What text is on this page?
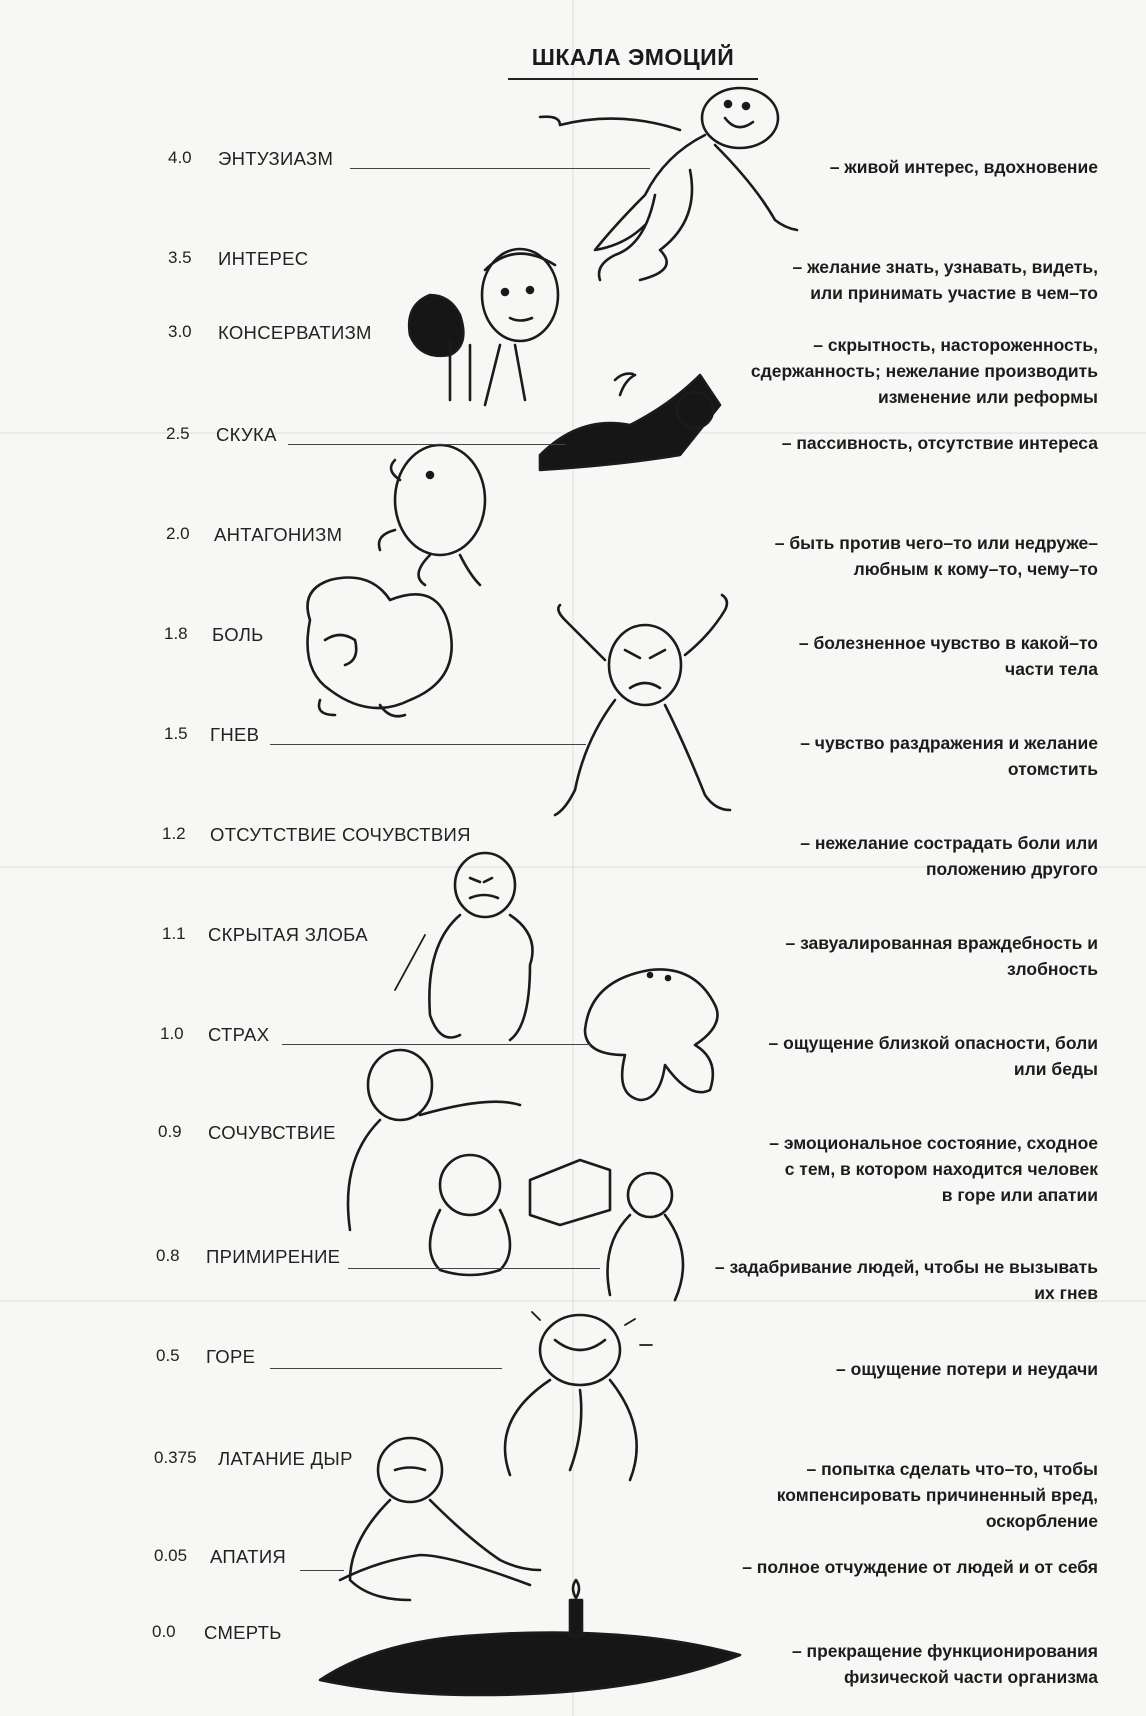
ШКАЛА ЭМОЦИЙ
4.0 ЭНТУЗИАЗМ	– живой интерес, вдохновение
3.5 ИНТЕРЕС	– желание знать, узнавать, видеть,
или принимать участие в чем–то
3.0 КОНСЕРВАТИЗМ
– скрытность, настороженность,
сдержанность; нежелание производить
изменение или реформы
2.5 СКУКА	– пассивность, отсутствие интереса
2.0 АНТАГОНИЗМ	– быть против чего–то или недруже–
любным к кому–то, чему–то
1.8 БОЛЬ	– болезненное чувство в какой–то
части тела
1.5 ГНЕВ	– чувство раздражения и желание
отомстить
1.2 ОТСУТСТВИЕ СОЧУВСТВИЯ	– нежелание сострадать боли или
положению другого
1.1 СКРЫТАЯ ЗЛОБА	– завуалированная враждебность и
злобность
1.0 СТРАХ	– ощущение близкой опасности, боли
или беды
0.9 СОЧУВСТВИЕ	– эмоциональное состояние, сходное
с тем, в котором находится человек
в горе или апатии
0.8 ПРИМИРЕНИЕ	– задабривание людей, чтобы не вызывать
их гнев
0.5 ГОРЕ
– ощущение потери и неудачи
0.375 ЛАТАНИЕ ДЫР	– попытка сделать что–то, чтобы
компенсировать причиненный вред,
оскорбление
0.05 АПАТИЯ	– полное отчуждение от людей и от себя
0.0 СМЕРТЬ
– прекращение функционирования
физической части организма
